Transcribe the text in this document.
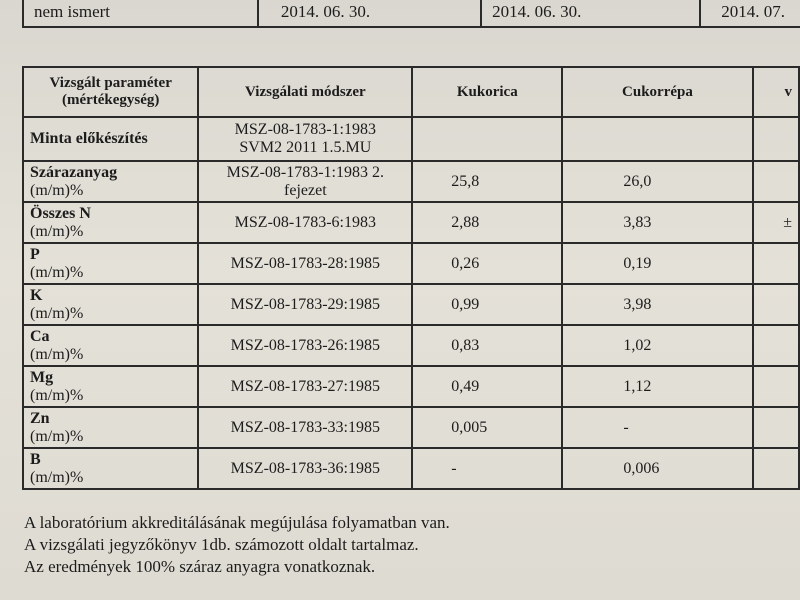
nem ismert	2014. 06. 30.	2014. 06. 30.	2014. 07.
Vizsgált paraméter (mértékegység)	Vizsgálati módszer	Kukorica	Cukorrépa	v

Minta előkészítés	MSZ-08-1783-1:1983
SVM2 2011 1.5.MU			

Szárazanyag
(m/m)%	MSZ-08-1783-1:1983 2. fejezet	25,8	26,0	

Összes N
(m/m)%	MSZ-08-1783-6:1983	2,88	3,83	±

P
(m/m)%	MSZ-08-1783-28:1985	0,26	0,19	

K
(m/m)%	MSZ-08-1783-29:1985	0,99	3,98	

Ca
(m/m)%	MSZ-08-1783-26:1985	0,83	1,02	

Mg
(m/m)%	MSZ-08-1783-27:1985	0,49	1,12	

Zn
(m/m)%	MSZ-08-1783-33:1985	0,005	-	

B
(m/m)%	MSZ-08-1783-36:1985	-	0,006	
A laboratórium akkreditálásának megújulása folyamatban van.
A vizsgálati jegyzőkönyv 1db. számozott oldalt tartalmaz.
Az eredmények 100% száraz anyagra vonatkoznak.
